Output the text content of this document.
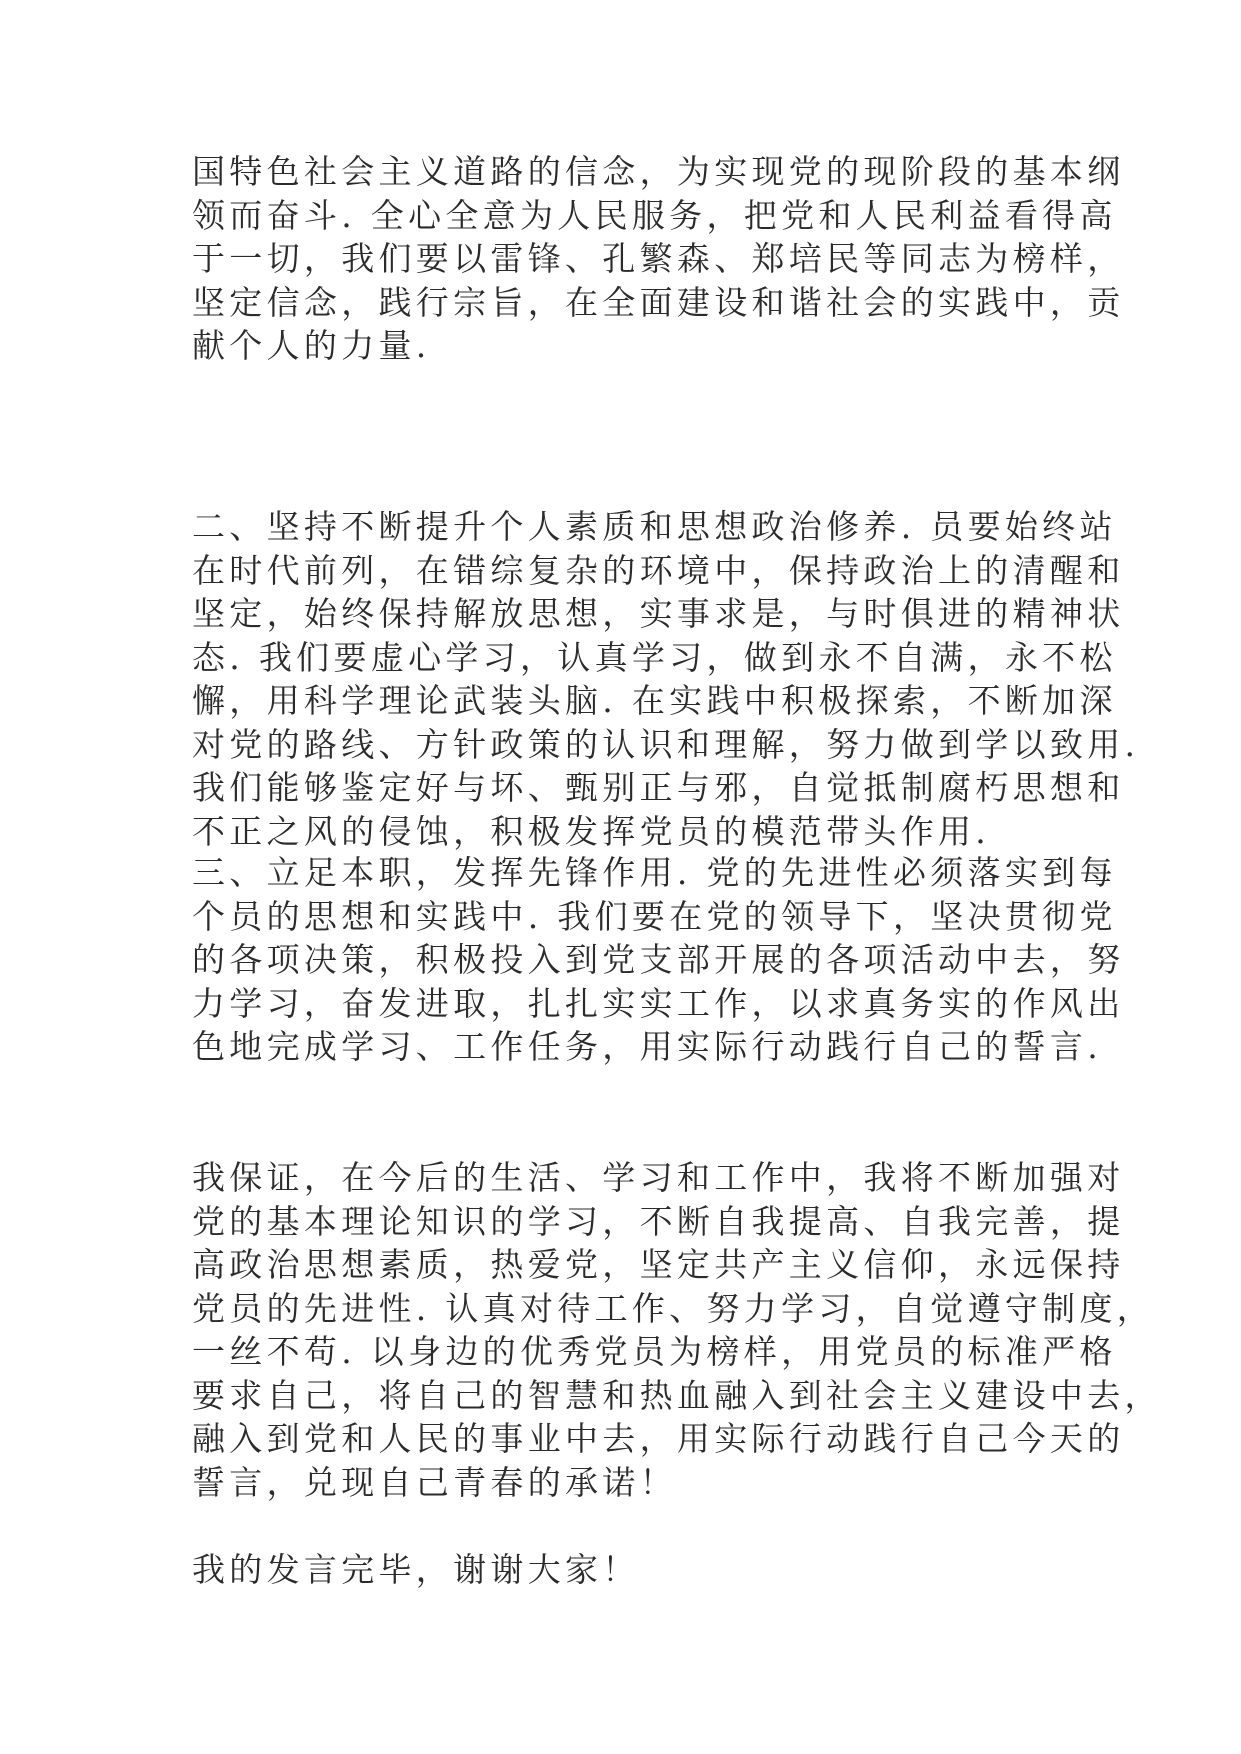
国特色社会主义道路的信念，为实现党的现阶段的基本纲
领而奋斗. 全心全意为人民服务，把党和人民利益看得高
于一切，我们要以雷锋、孔繁森、郑培民等同志为榜样，
坚定信念，践行宗旨，在全面建设和谐社会的实践中，贡
献个人的力量.
二、坚持不断提升个人素质和思想政治修养. 员要始终站
在时代前列，在错综复杂的环境中，保持政治上的清醒和
坚定，始终保持解放思想，实事求是，与时俱进的精神状
态. 我们要虚心学习，认真学习，做到永不自满，永不松
懈，用科学理论武装头脑. 在实践中积极探索，不断加深
对党的路线、方针政策的认识和理解，努力做到学以致用.
我们能够鉴定好与坏、甄别正与邪，自觉抵制腐朽思想和
不正之风的侵蚀，积极发挥党员的模范带头作用.
三、立足本职，发挥先锋作用. 党的先进性必须落实到每
个员的思想和实践中. 我们要在党的领导下，坚决贯彻党
的各项决策，积极投入到党支部开展的各项活动中去，努
力学习，奋发进取，扎扎实实工作，以求真务实的作风出
色地完成学习、工作任务，用实际行动践行自己的誓言.
我保证，在今后的生活、学习和工作中，我将不断加强对
党的基本理论知识的学习，不断自我提高、自我完善，提
高政治思想素质，热爱党，坚定共产主义信仰，永远保持
党员的先进性. 认真对待工作、努力学习，自觉遵守制度，
一丝不苟. 以身边的优秀党员为榜样，用党员的标准严格
要求自己，将自己的智慧和热血融入到社会主义建设中去，
融入到党和人民的事业中去，用实际行动践行自己今天的
誓言，兑现自己青春的承诺！
我的发言完毕，谢谢大家！
